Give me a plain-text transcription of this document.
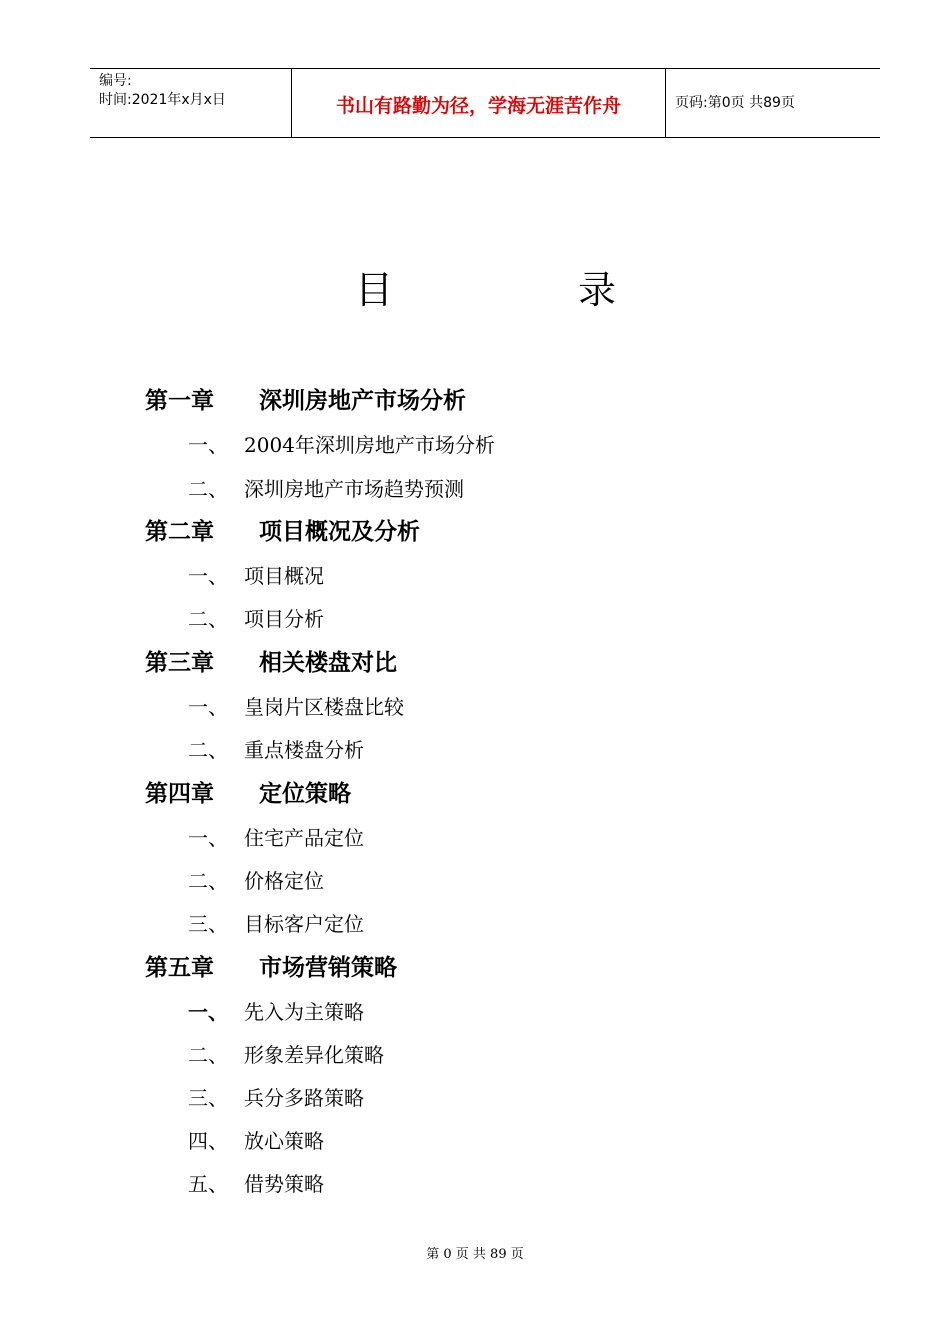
编号:
时间:2021年x月x日	书山有路勤为径，学海无涯苦作舟	页码:第0页 共89页
目	录
第一章 深圳房地产市场分析
一、 2004年深圳房地产市场分析
二、 深圳房地产市场趋势预测
第二章 项目概况及分析
一、 项目概况
二、 项目分析
第三章 相关楼盘对比
一、 皇岗片区楼盘比较
二、 重点楼盘分析
第四章 定位策略
一、 住宅产品定位
二、 价格定位
三、 目标客户定位
第五章 市场营销策略
一、 先入为主策略
二、 形象差异化策略
三、 兵分多路策略
四、 放心策略
五、 借势策略
第 0 页 共 89 页
